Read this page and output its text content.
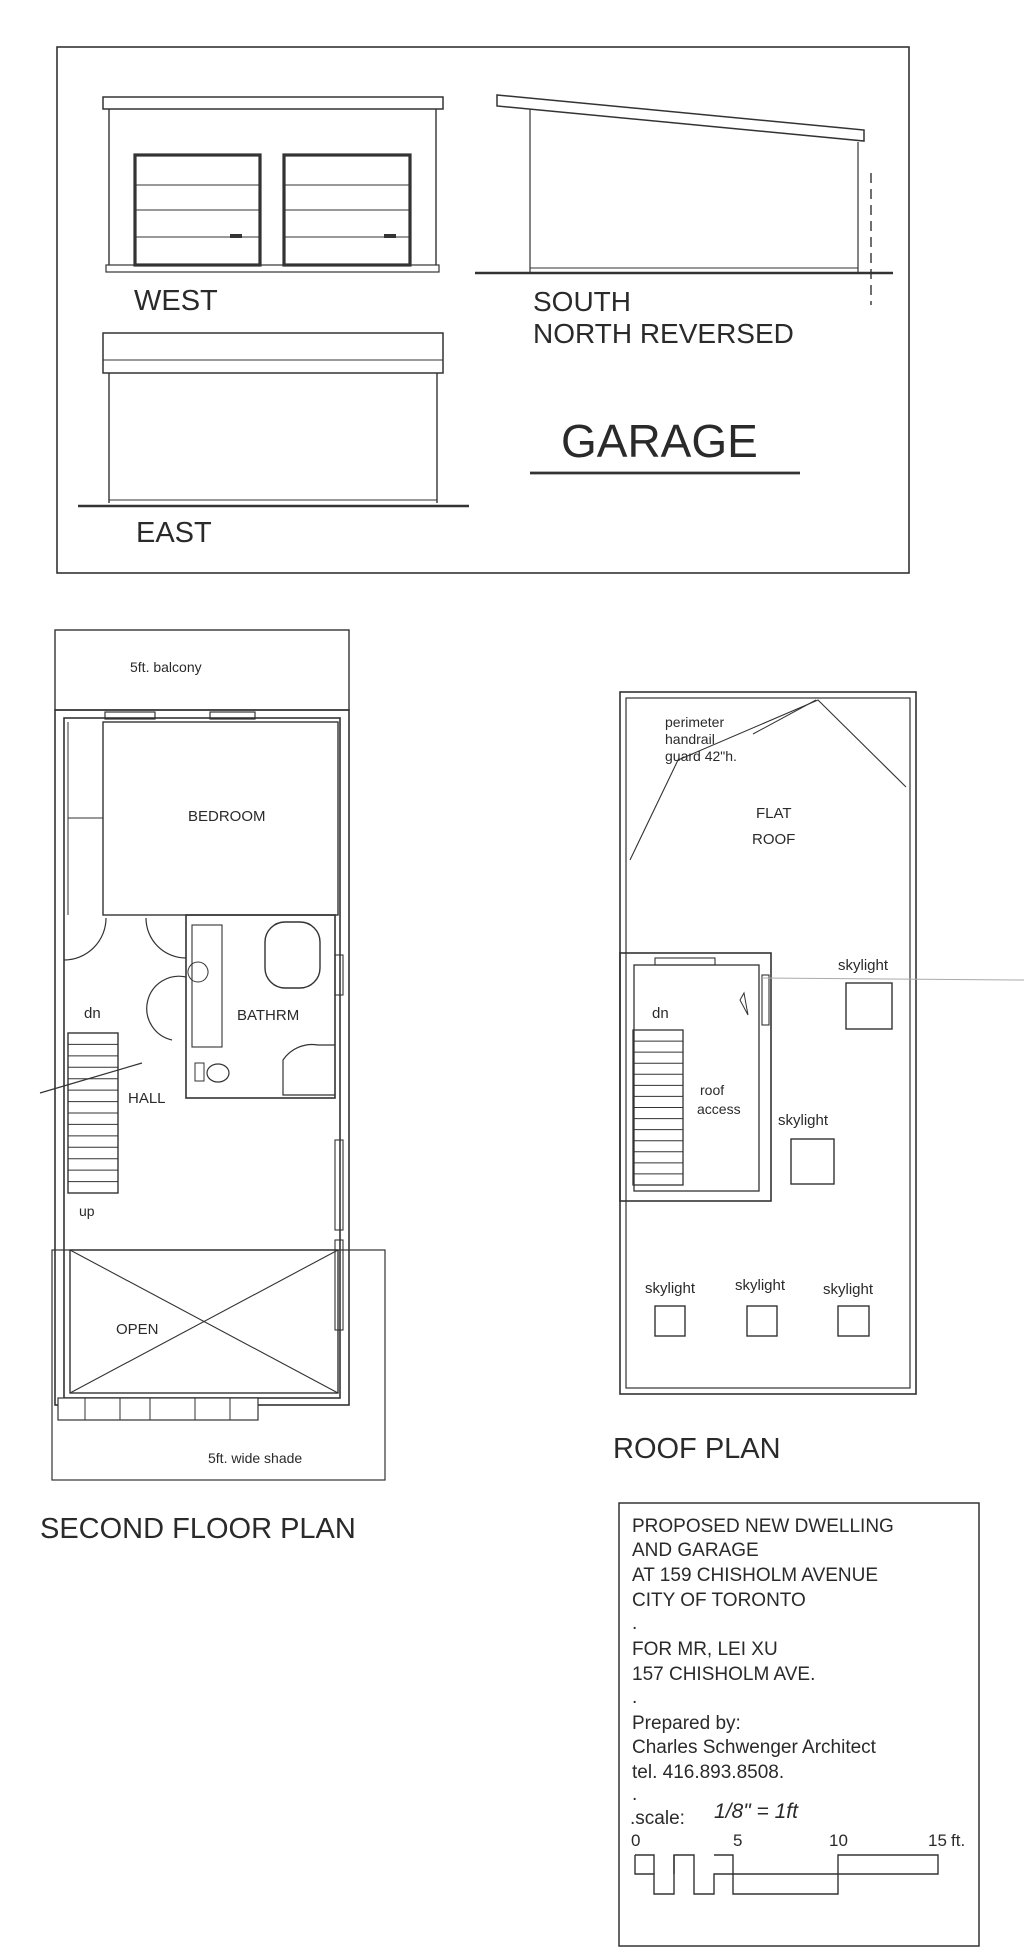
WEST	SOUTH
NORTH REVERSED
EAST
GARAGE
5ft. balcony
BEDROOM
BATHRM
dn
HALL
up
OPEN
5ft. wide shade
SECOND FLOOR PLAN
perimeter
handrail
guard 42"h.
FLAT
ROOF
dn
roof
access
skylight
skylight
skylight	skylight	skylight
ROOF PLAN
PROPOSED NEW DWELLING
AND GARAGE
AT 159 CHISHOLM AVENUE
CITY OF TORONTO
.
FOR MR, LEI XU
157 CHISHOLM AVE.
.
Prepared by:
Charles Schwenger Architect
tel. 416.893.8508.
.
.scale: 1/8" = 1ft
0	5	10	15 ft.
